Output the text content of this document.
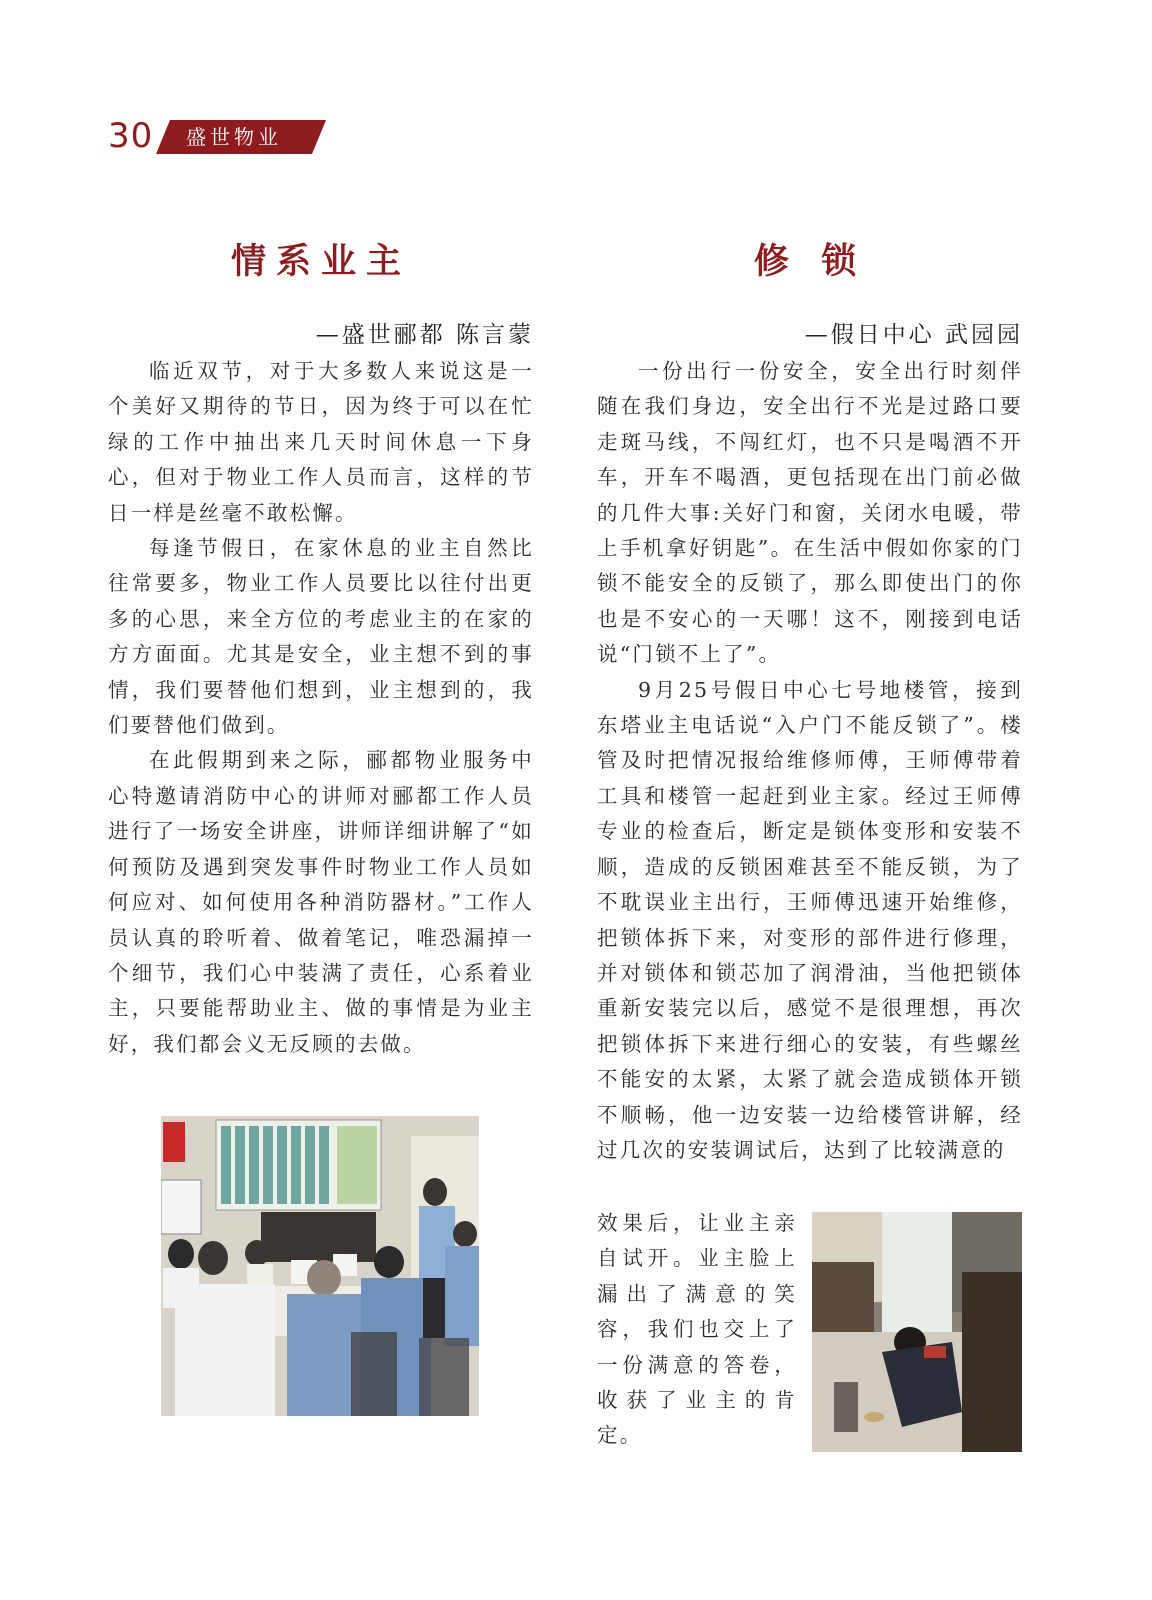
30 盛世物业
情系业主
—盛世郦都 陈言蒙

临近双节，对于大多数人来说这是一个美好又期待的节日，因为终于可以在忙绿的工作中抽出来几天时间休息一下身心，但对于物业工作人员而言，这样的节日一样是丝毫不敢松懈。

每逢节假日，在家休息的业主自然比往常要多，物业工作人员要比以往付出更多的心思，来全方位的考虑业主的在家的方方面面。尤其是安全，业主想不到的事情，我们要替他们想到，业主想到的，我们要替他们做到。

在此假期到来之际，郦都物业服务中心特邀请消防中心的讲师对郦都工作人员进行了一场安全讲座，讲师详细讲解了“如何预防及遇到突发事件时物业工作人员如何应对、如何使用各种消防器材。”工作人员认真的聆听着、做着笔记，唯恐漏掉一个细节，我们心中装满了责任，心系着业主，只要能帮助业主、做的事情是为业主好，我们都会义无反顾的去做。

修 锁
—假日中心 武园园

一份出行一份安全，安全出行时刻伴随在我们身边，安全出行不光是过路口要走斑马线，不闯红灯，也不只是喝酒不开车，开车不喝酒，更包括现在出门前必做的几件大事:关好门和窗，关闭水电暖，带上手机拿好钥匙”。在生活中假如你家的门锁不能安全的反锁了，那么即使出门的你也是不安心的一天哪！这不，刚接到电话说“门锁不上了”。

9月25号假日中心七号地楼管，接到东塔业主电话说“入户门不能反锁了”。楼管及时把情况报给维修师傅，王师傅带着工具和楼管一起赶到业主家。经过王师傅专业的检查后，断定是锁体变形和安装不顺，造成的反锁困难甚至不能反锁，为了不耽误业主出行，王师傅迅速开始维修，把锁体拆下来，对变形的部件进行修理，并对锁体和锁芯加了润滑油，当他把锁体重新安装完以后，感觉不是很理想，再次把锁体拆下来进行细心的安装，有些螺丝不能安的太紧，太紧了就会造成锁体开锁不顺畅，他一边安装一边给楼管讲解，经过几次的安装调试后，达到了比较满意的

效果后，让业主亲自试开。业主脸上漏出了满意的笑容，我们也交上了一份满意的答卷，收获了业主的肯定。
